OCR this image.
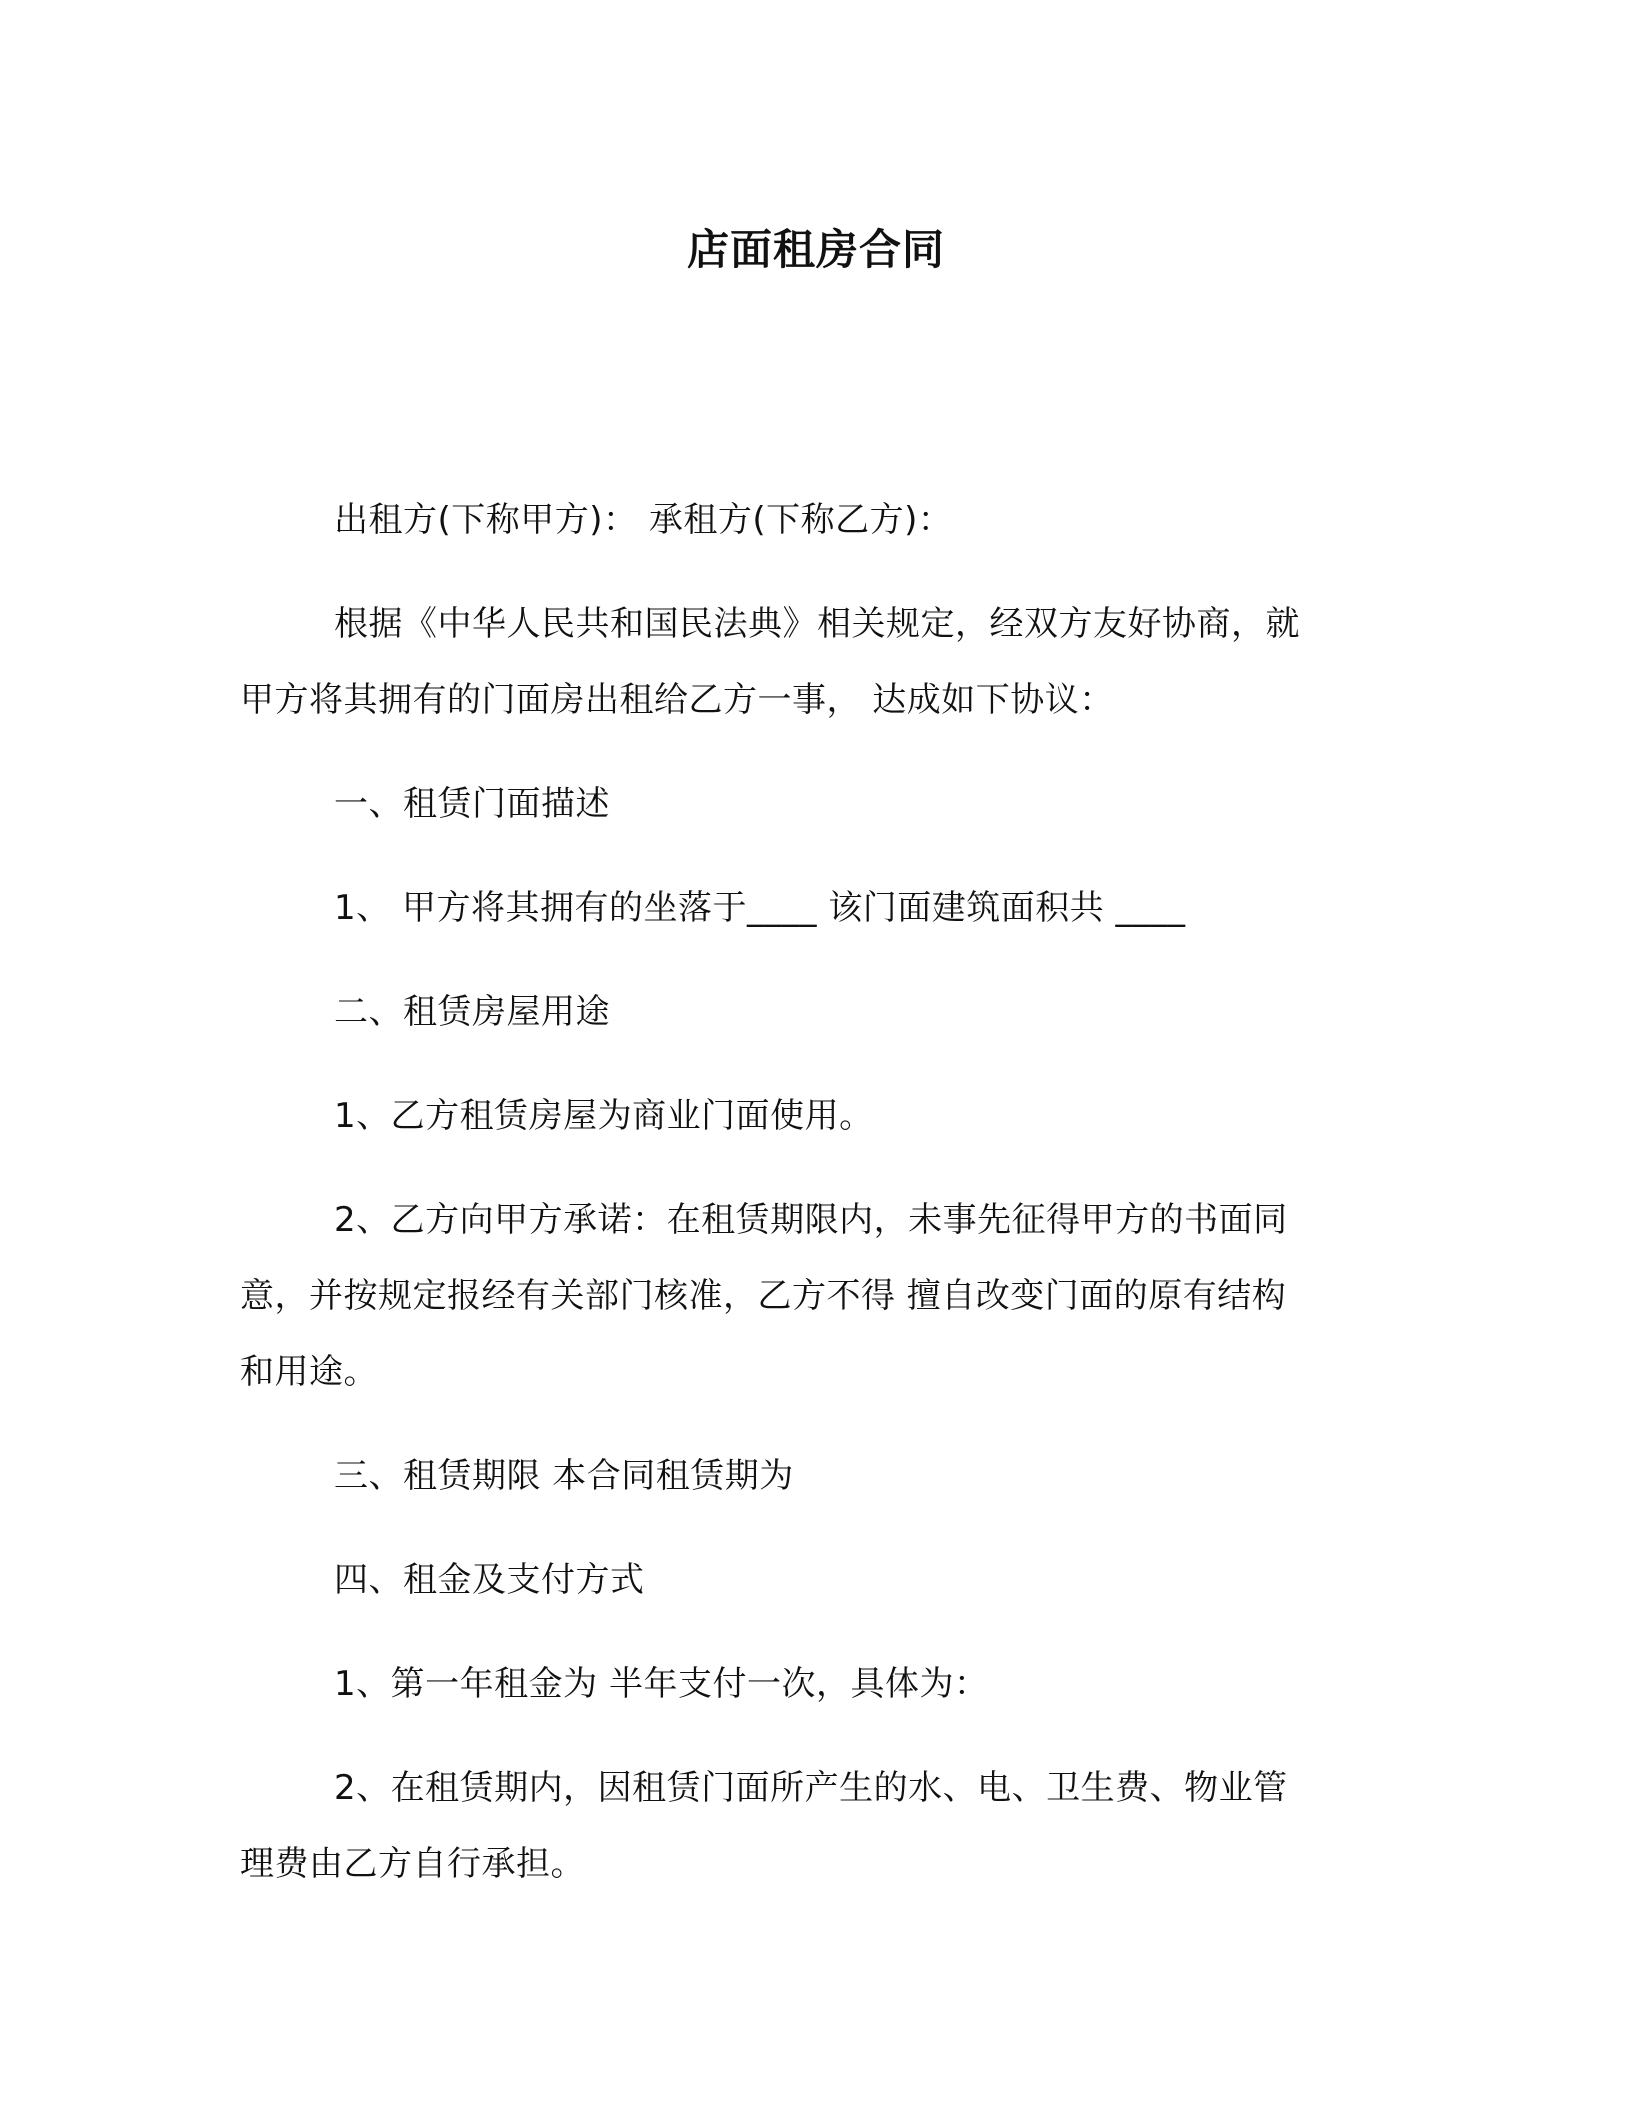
店面租房合同
出租方(下称甲方)： 承租方(下称乙方)：
根据《中华人民共和国民法典》相关规定，经双方友好协商，就
甲方将其拥有的门面房出租给乙方一事， 达成如下协议：
一、租赁门面描述
1、 甲方将其拥有的坐落于____ 该门面建筑面积共 ____
二、租赁房屋用途
1、乙方租赁房屋为商业门面使用。
2、乙方向甲方承诺：在租赁期限内，未事先征得甲方的书面同
意，并按规定报经有关部门核准，乙方不得 擅自改变门面的原有结构
和用途。
三、租赁期限 本合同租赁期为
四、租金及支付方式
1、第一年租金为 半年支付一次，具体为：
2、在租赁期内，因租赁门面所产生的水、电、卫生费、物业管
理费由乙方自行承担。
